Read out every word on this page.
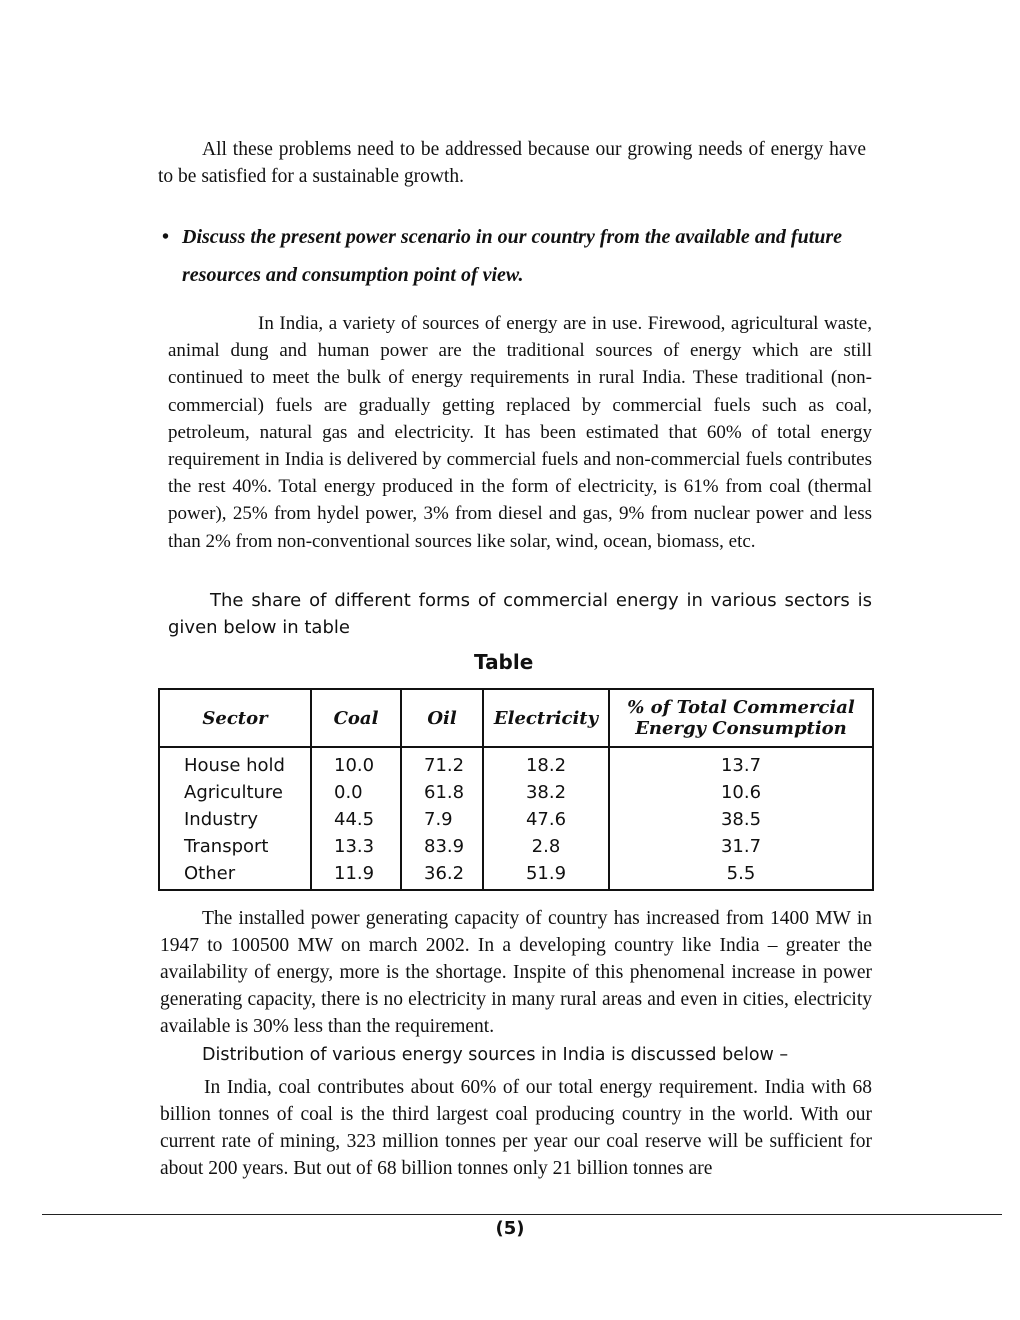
All these problems need to be addressed because our growing needs of energy have to be satisfied for a sustainable growth.

• Discuss the present power scenario in our country from the available and future resources and consumption point of view.

In India, a variety of sources of energy are in use. Firewood, agricultural waste, animal dung and human power are the traditional sources of energy which are still continued to meet the bulk of energy requirements in rural India. These traditional (non-commercial) fuels are gradually getting replaced by commercial fuels such as coal, petroleum, natural gas and electricity. It has been estimated that 60% of total energy requirement in India is delivered by commercial fuels and non-commercial fuels contributes the rest 40%. Total energy produced in the form of electricity, is 61% from coal (thermal power), 25% from hydel power, 3% from diesel and gas, 9% from nuclear power and less than 2% from non-conventional sources like solar, wind, ocean, biomass, etc.

The share of different forms of commercial energy in various sectors is given below in table

Table
Sector	Coal	Oil	Electricity	% of Total Commercial Energy Consumption
House hold	10.0	71.2	18.2	13.7
Agriculture	0.0	61.8	38.2	10.6
Industry	44.5	7.9	47.6	38.5
Transport	13.3	83.9	2.8	31.7
Other	11.9	36.2	51.9	5.5

The installed power generating capacity of country has increased from 1400 MW in 1947 to 100500 MW on march 2002. In a developing country like India – greater the availability of energy, more is the shortage. Inspite of this phenomenal increase in power generating capacity, there is no electricity in many rural areas and even in cities, electricity available is 30% less than the requirement.

Distribution of various energy sources in India is discussed below –

In India, coal contributes about 60% of our total energy requirement. India with 68 billion tonnes of coal is the third largest coal producing country in the world. With our current rate of mining, 323 million tonnes per year our coal reserve will be sufficient for about 200 years. But out of 68 billion tonnes only 21 billion tonnes are

(5)
